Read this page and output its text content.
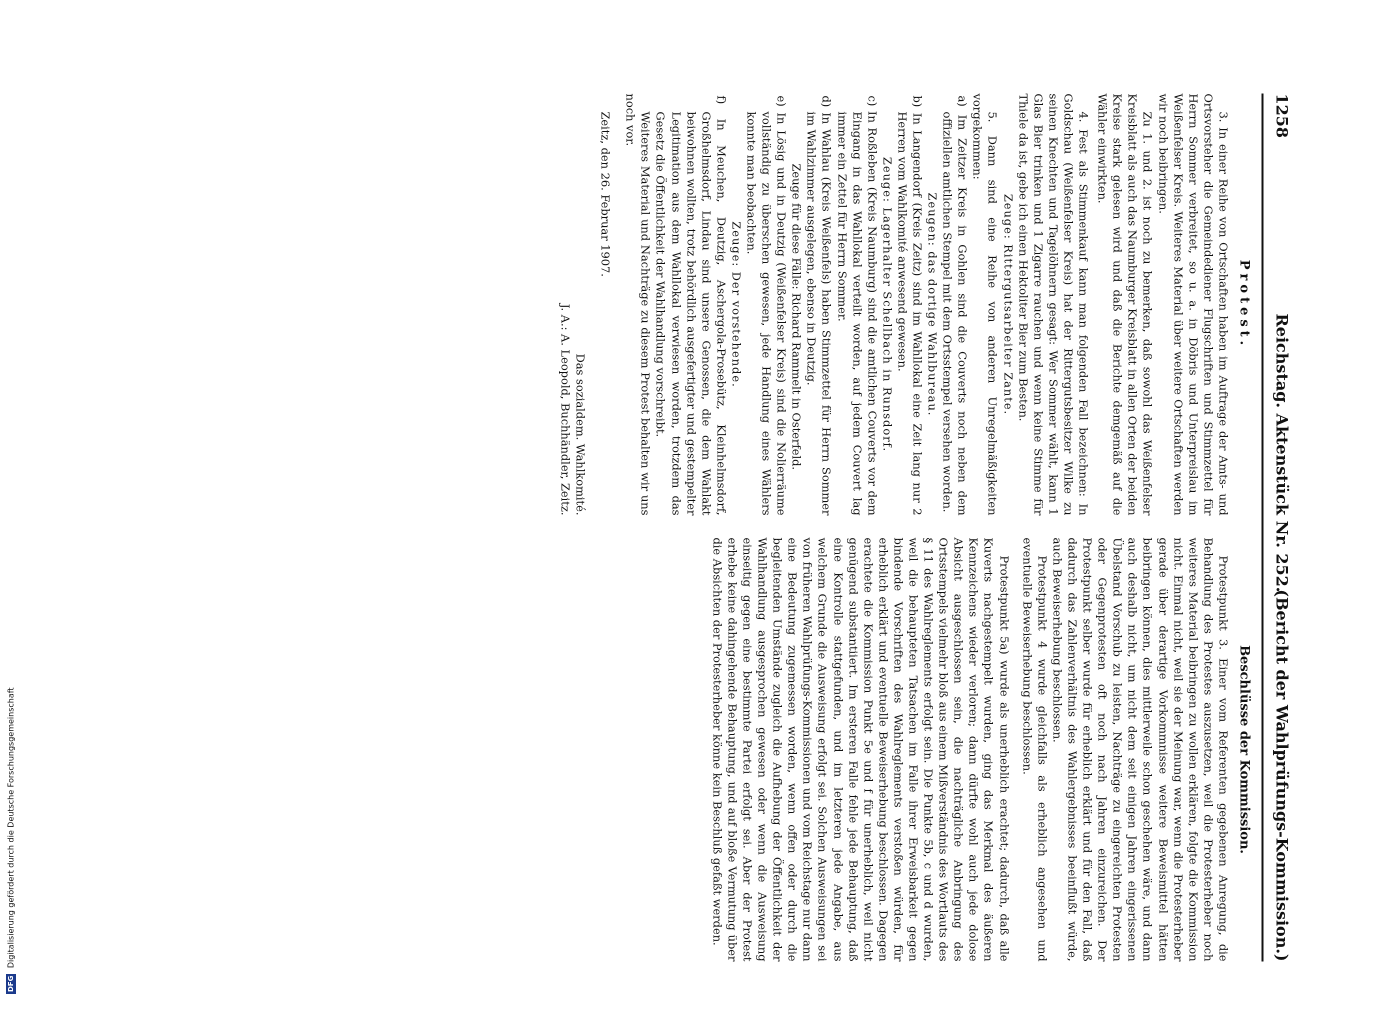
1258
Reichstag. Aktenstück Nr. 252.
(Bericht der Wahlprüfungs-Kommission.)

Protest.

3. In einer Reihe von Ortschaften haben im Auftrage der Amts- und Ortsvorsteher die Gemeindediener Flugschriften und Stimmzettel für Herrn Sommer verbreitet, so u. a. in Döbris und Unterpreislau im Weißenfelser Kreis. Weiteres Material über weitere Ortschaften werden wir noch beibringen.

Zu 1. und 2. ist noch zu bemerken, daß sowohl das Weißenfelser Kreisblatt als auch das Naumburger Kreisblatt in allen Orten der beiden Kreise stark gelesen wird und daß die Berichte demgemäß auf die Wähler einwirkten.

4. Fest als Stimmenkauf kann man folgenden Fall bezeichnen: In Goldschau (Weißenfelser Kreis) hat der Rittergutsbesitzer Wilke zu seinen Knechten und Tagelöhnern gesagt: Wer Sommer wählt, kann 1 Glas Bier trinken und 1 Zigarre rauchen und wenn keine Stimme für Thiele da ist, gebe ich einen Hektoliter Bier zum Besten.

Zeuge: Rittergutsarbeiter Zante.

5. Dann sind eine Reihe von anderen Unregelmäßigkeiten vorgekommen:

a) Im Zeitzer Kreis in Gohlen sind die Couverts noch neben dem offiziellen amtlichen Stempel mit dem Ortsstempel versehen worden.

Zeugen: das dortige Wahlbureau.

b) In Langendorf (Kreis Zeitz) sind im Wahllokal eine Zeit lang nur 2 Herren vom Wahlkomité anwesend gewesen.

Zeuge: Lagerhalter Schellbach in Runsdorf.

c) In Roßleben (Kreis Naumburg) sind die amtlichen Couverts vor dem Eingang in das Wahllokal verteilt worden, auf jedem Couvert lag immer ein Zettel für Herrn Sommer.

d) In Wahlau (Kreis Weißenfels) haben Stimmzettel für Herrn Sommer im Wahlzimmer ausgelegen, ebenso in Deutzig.

Zeuge für diese Fälle: Richard Rammelt in Osterfeld.

e) In Lösig und in Deutzig (Weißenfelser Kreis) sind die Nolierräume vollständig zu überschen gewesen, jede Handlung eines Wählers konnte man beobachten.

Zeuge: Der vorstehende.

f) In Meuchen, Deutzig, Aschergola-Prosebütz, Kleinhelmsdorf, Großhelmsdorf, Lindau sind unsere Genossen, die dem Wahlakt beiwohnen wollten, trotz behördlich ausgefertigter und gestempelter Legitimation aus dem Wahllokal verwiesen worden, trotzdem das Gesetz die Öffentlichkeit der Wahlhandlung vorschreibt.

Weiteres Material und Nachträge zu diesem Protest behalten wir uns noch vor.

Zeitz, den 26. Februar 1907.

Das sozialdem. Wahlkomité.

J. A.: A. Leopold, Buchhändler, Zeitz.

Beschlüsse der Kommission.

Protestpunkt 3. Einer vom Referenten gegebenen Anregung, die Behandlung des Protestes auszusetzen, weil die Protesterheber noch weiteres Material beibringen zu wollen erklären, folgte die Kommission nicht. Einmal nicht, weil sie der Meinung war, wenn die Protesterheber gerade über derartige Vorkommnisse weitere Beweismittel hätten beibringen können, dies mittlerweile schon geschehen wäre, und dann auch deshalb nicht, um nicht dem seit einigen Jahren eingerissenen Übelstand Vorschub zu leisten, Nachträge zu eingereichten Protesten oder Gegenprotesten oft noch nach Jahren einzureichen. Der Protestpunkt selber wurde für erheblich erklärt und für den Fall, daß dadurch das Zahlenverhältnis des Wahlergebnisses beeinflußt würde, auch Beweiserhebung beschlossen.

Protestpunkt 4 wurde gleichfalls als erheblich angesehen und eventuelle Beweiserhebung beschlossen.

Protestpunkt 5a) wurde als unerheblich erachtet; dadurch, daß alle Kuverts nachgestempelt wurden, ging das Merkmal des äußeren Kennzeichens wieder verloren; dann dürfte wohl auch jede dolose Absicht ausgeschlossen sein, die nachträgliche Anbringung des Ortsstempels vielmehr bloß aus einem Mißverständnis des Wortlauts des § 11 des Wahlreglements erfolgt sein. Die Punkte 5b, c und d wurden, weil die behaupteten Tatsachen im Falle ihrer Erweisbarkeit gegen bindende Vorschriften des Wahlreglements verstoßen würden, für erheblich erklärt und eventuelle Beweiserhebung beschlossen. Dagegen erachtete die Kommission Punkt 5e und f für unerheblich, weil nicht genügend substantiiert. Im ersteren Falle fehle jede Behauptung, daß eine Kontrolle stattgefunden, und im letzteren jede Angabe, aus welchem Grunde die Ausweisung erfolgt sei. Solchen Ausweisungen sei von früheren Wahlprüfungs-Kommissionen und vom Reichstage nur dann eine Bedeutung zugemessen worden, wenn offen oder durch die begleitenden Umstände zugleich die Aufhebung der Öffentlichkeit der Wahlhandlung ausgesprochen gewesen oder wenn die Ausweisung einseitig gegen eine bestimmte Partei erfolgt sei. Aber der Protest erhebe keine dahingehende Behauptung, und auf bloße Vermutung über die Absichten der Protesterheber könne kein Beschluß gefaßt werden.

DFG Digitalisierung gefördert durch die Deutsche Forschungsgemeinschaft
